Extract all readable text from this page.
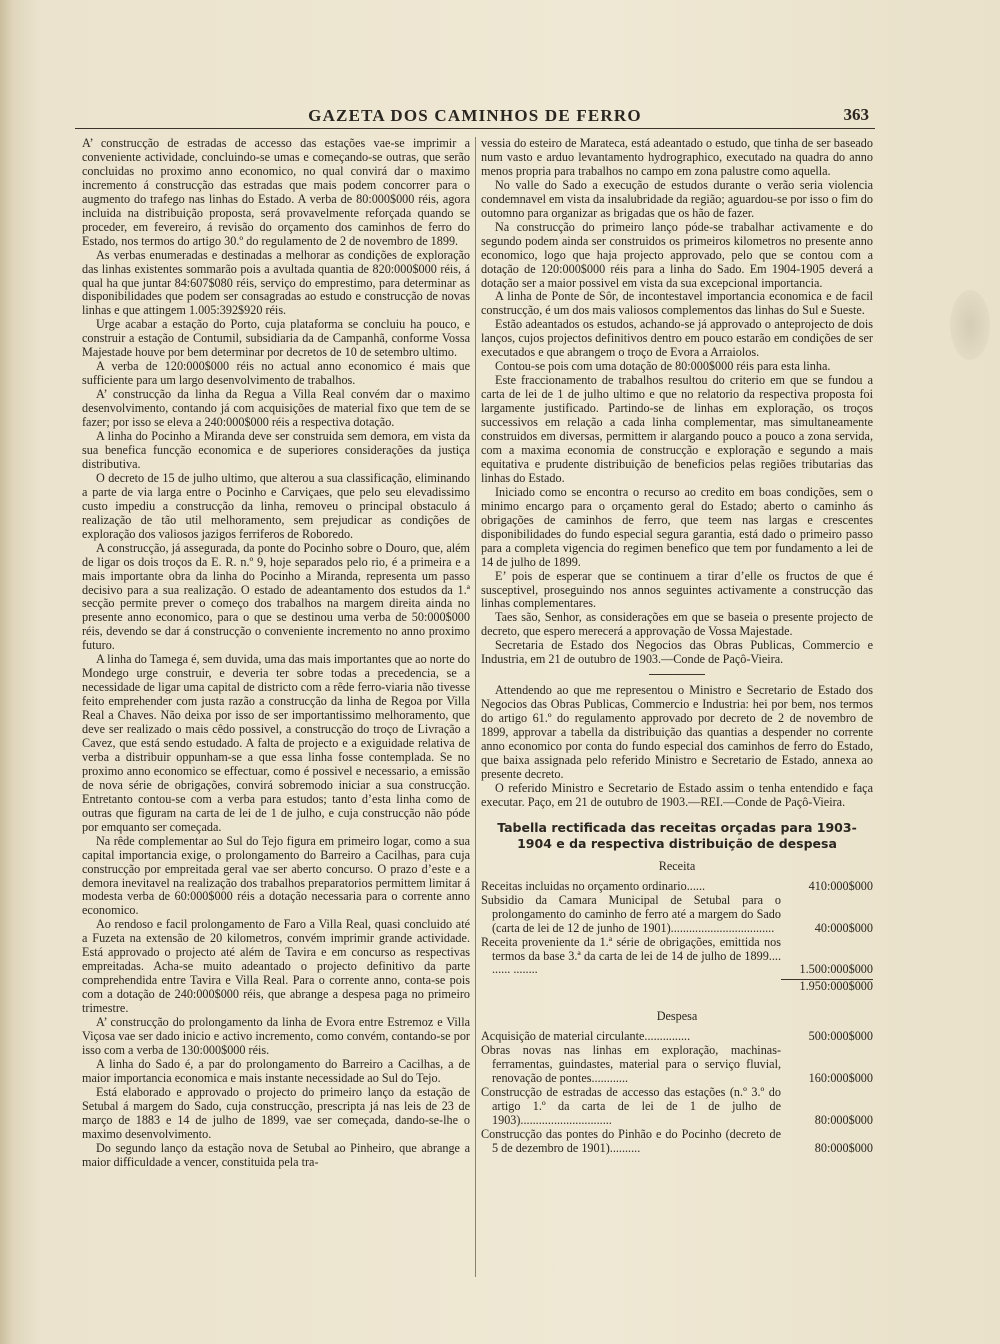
GAZETA DOS CAMINHOS DE FERRO	363

A’ construcção de estradas de accesso das estações vae-se imprimir a conveniente actividade, concluindo-se umas e começando-se outras, que serão concluidas no proximo anno economico, no qual convirá dar o maximo incremento á construcção das estradas que mais podem concorrer para o augmento do trafego nas linhas do Estado. A verba de 80:000$000 réis, agora incluida na distribuição proposta, será provavelmente reforçada quando se proceder, em fevereiro, á revisão do orçamento dos caminhos de ferro do Estado, nos termos do artigo 30.º do regulamento de 2 de novembro de 1899.

As verbas enumeradas e destinadas a melhorar as condições de exploração das linhas existentes sommarão pois a avultada quantia de 820:000$000 réis, á qual ha que juntar 84:607$080 réis, serviço do emprestimo, para determinar as disponibilidades que podem ser consagradas ao estudo e construcção de novas linhas e que attingem 1.005:392$920 réis.

Urge acabar a estação do Porto, cuja plataforma se concluiu ha pouco, e construir a estação de Contumil, subsidiaria da de Campanhã, conforme Vossa Majestade houve por bem determinar por decretos de 10 de setembro ultimo.

A verba de 120:000$000 réis no actual anno economico é mais que sufficiente para um largo desenvolvimento de trabalhos.

A’ construcção da linha da Regua a Villa Real convém dar o maximo desenvolvimento, contando já com acquisições de material fixo que tem de se fazer; por isso se eleva a 240:000$000 réis a respectiva dotação.

A linha do Pocinho a Miranda deve ser construida sem demora, em vista da sua benefica funcção economica e de superiores considerações da justiça distributiva.

O decreto de 15 de julho ultimo, que alterou a sua classificação, eliminando a parte de via larga entre o Pocinho e Carviçaes, que pelo seu elevadissimo custo impediu a construcção da linha, removeu o principal obstaculo á realização de tão util melhoramento, sem prejudicar as condições de exploração dos valiosos jazigos ferriferos de Roboredo.

A construcção, já assegurada, da ponte do Pocinho sobre o Douro, que, além de ligar os dois troços da E. R. n.º 9, hoje separados pelo rio, é a primeira e a mais importante obra da linha do Pocinho a Miranda, representa um passo decisivo para a sua realização. O estado de adeantamento dos estudos da 1.ª secção permite prever o começo dos trabalhos na margem direita ainda no presente anno economico, para o que se destinou uma verba de 50:000$000 réis, devendo se dar á construcção o conveniente incremento no anno proximo futuro.

A linha do Tamega é, sem duvida, uma das mais importantes que ao norte do Mondego urge construir, e deveria ter sobre todas a precedencia, se a necessidade de ligar uma capital de districto com a rêde ferro-viaria não tivesse feito emprehender com justa razão a construcção da linha de Regoa por Villa Real a Chaves. Não deixa por isso de ser importantissimo melhoramento, que deve ser realizado o mais cêdo possivel, a construcção do troço de Livração a Cavez, que está sendo estudado. A falta de projecto e a exiguidade relativa de verba a distribuir oppunham-se a que essa linha fosse contemplada. Se no proximo anno economico se effectuar, como é possivel e necessario, a emissão de nova série de obrigações, convirá sobremodo iniciar a sua construcção. Entretanto contou-se com a verba para estudos; tanto d’esta linha como de outras que figuram na carta de lei de 1 de julho, e cuja construcção não póde por emquanto ser começada.

Na rêde complementar ao Sul do Tejo figura em primeiro logar, como a sua capital importancia exige, o prolongamento do Barreiro a Cacilhas, para cuja construcção por empreitada geral vae ser aberto concurso. O prazo d’este e a demora inevitavel na realização dos trabalhos preparatorios permittem limitar á modesta verba de 60:000$000 réis a dotação necessaria para o corrente anno economico.

Ao rendoso e facil prolongamento de Faro a Villa Real, quasi concluido até a Fuzeta na extensão de 20 kilometros, convém imprimir grande actividade. Está approvado o projecto até além de Tavira e em concurso as respectivas empreitadas. Acha-se muito adeantado o projecto definitivo da parte comprehendida entre Tavira e Villa Real. Para o corrente anno, conta-se pois com a dotação de 240:000$000 réis, que abrange a despesa paga no primeiro trimestre.

A’ construcção do prolongamento da linha de Evora entre Estremoz e Villa Viçosa vae ser dado inicio e activo incremento, como convém, contando-se por isso com a verba de 130:000$000 réis.

A linha do Sado é, a par do prolongamento do Barreiro a Cacilhas, a de maior importancia economica e mais instante necessidade ao Sul do Tejo.

Está elaborado e approvado o projecto do primeiro lanço da estação de Setubal á margem do Sado, cuja construcção, prescripta já nas leis de 23 de março de 1883 e 14 de julho de 1899, vae ser começada, dando-se-lhe o maximo desenvolvimento.

Do segundo lanço da estação nova de Setubal ao Pinheiro, que abrange a maior difficuldade a vencer, constituida pela tra-

vessia do esteiro de Marateca, está adeantado o estudo, que tinha de ser baseado num vasto e arduo levantamento hydrographico, executado na quadra do anno menos propria para trabalhos no campo em zona palustre como aquella.

No valle do Sado a execução de estudos durante o verão seria violencia condemnavel em vista da insalubridade da região; aguardou-se por isso o fim do outomno para organizar as brigadas que os hão de fazer.

Na construcção do primeiro lanço póde-se trabalhar activamente e do segundo podem ainda ser construidos os primeiros kilometros no presente anno economico, logo que haja projecto approvado, pelo que se contou com a dotação de 120:000$000 réis para a linha do Sado. Em 1904-1905 deverá a dotação ser a maior possivel em vista da sua excepcional importancia.

A linha de Ponte de Sôr, de incontestavel importancia economica e de facil construcção, é um dos mais valiosos complementos das linhas do Sul e Sueste.

Estão adeantados os estudos, achando-se já approvado o anteprojecto de dois lanços, cujos projectos definitivos dentro em pouco estarão em condições de ser executados e que abrangem o troço de Evora a Arraiolos.

Contou-se pois com uma dotação de 80:000$000 réis para esta linha.

Este fraccionamento de trabalhos resultou do criterio em que se fundou a carta de lei de 1 de julho ultimo e que no relatorio da respectiva proposta foi largamente justificado. Partindo-se de linhas em exploração, os troços successivos em relação a cada linha complementar, mas simultaneamente construidos em diversas, permittem ir alargando pouco a pouco a zona servida, com a maxima economia de construcção e exploração e segundo a mais equitativa e prudente distribuição de beneficios pelas regiões tributarias das linhas do Estado.

Iniciado como se encontra o recurso ao credito em boas condições, sem o minimo encargo para o orçamento geral do Estado; aberto o caminho ás obrigações de caminhos de ferro, que teem nas largas e crescentes disponibilidades do fundo especial segura garantia, está dado o primeiro passo para a completa vigencia do regimen benefico que tem por fundamento a lei de 14 de julho de 1899.

E’ pois de esperar que se continuem a tirar d’elle os fructos de que é susceptivel, proseguindo nos annos seguintes activamente a construcção das linhas complementares.

Taes são, Senhor, as considerações em que se baseia o presente projecto de decreto, que espero merecerá a approvação de Vossa Majestade.

Secretaria de Estado dos Negocios das Obras Publicas, Commercio e Industria, em 21 de outubro de 1903.—Conde de Paçô-Vieira.

Attendendo ao que me representou o Ministro e Secretario de Estado dos Negocios das Obras Publicas, Commercio e Industria: hei por bem, nos termos do artigo 61.º do regulamento approvado por decreto de 2 de novembro de 1899, approvar a tabella da distribuição das quantias a despender no corrente anno economico por conta do fundo especial dos caminhos de ferro do Estado, que baixa assignada pelo referido Ministro e Secretario de Estado, annexa ao presente decreto.

O referido Ministro e Secretario de Estado assim o tenha entendido e faça executar. Paço, em 21 de outubro de 1903.—REI.—Conde de Paçô-Vieira.

Tabella rectificada das receitas orçadas para 1903-1904 e da respectiva distribuição de despesa
Receita
Receitas incluidas no orçamento ordinario......	410:000$000
Subsidio da Camara Municipal de Setubal para o prolongamento do caminho de ferro até a margem do Sado (carta de lei de 12 de junho de 1901)..................................	40:000$000
Receita proveniente da 1.ª série de obrigações, emittida nos termos da base 3.ª da carta de lei de 14 de julho de 1899.... ...... ........	1.500:000$000
1.950:000$000
Despesa
Acquisição de material circulante...............	500:000$000
Obras novas nas linhas em exploração, machinas-ferramentas, guindastes, material para o serviço fluvial, renovação de pontes............	160:000$000
Construcção de estradas de accesso das estações (n.º 3.º do artigo 1.º da carta de lei de 1 de julho de 1903)..............................	80:000$000
Construcção das pontes do Pinhão e do Pocinho (decreto de 5 de dezembro de 1901)..........	80:000$000
